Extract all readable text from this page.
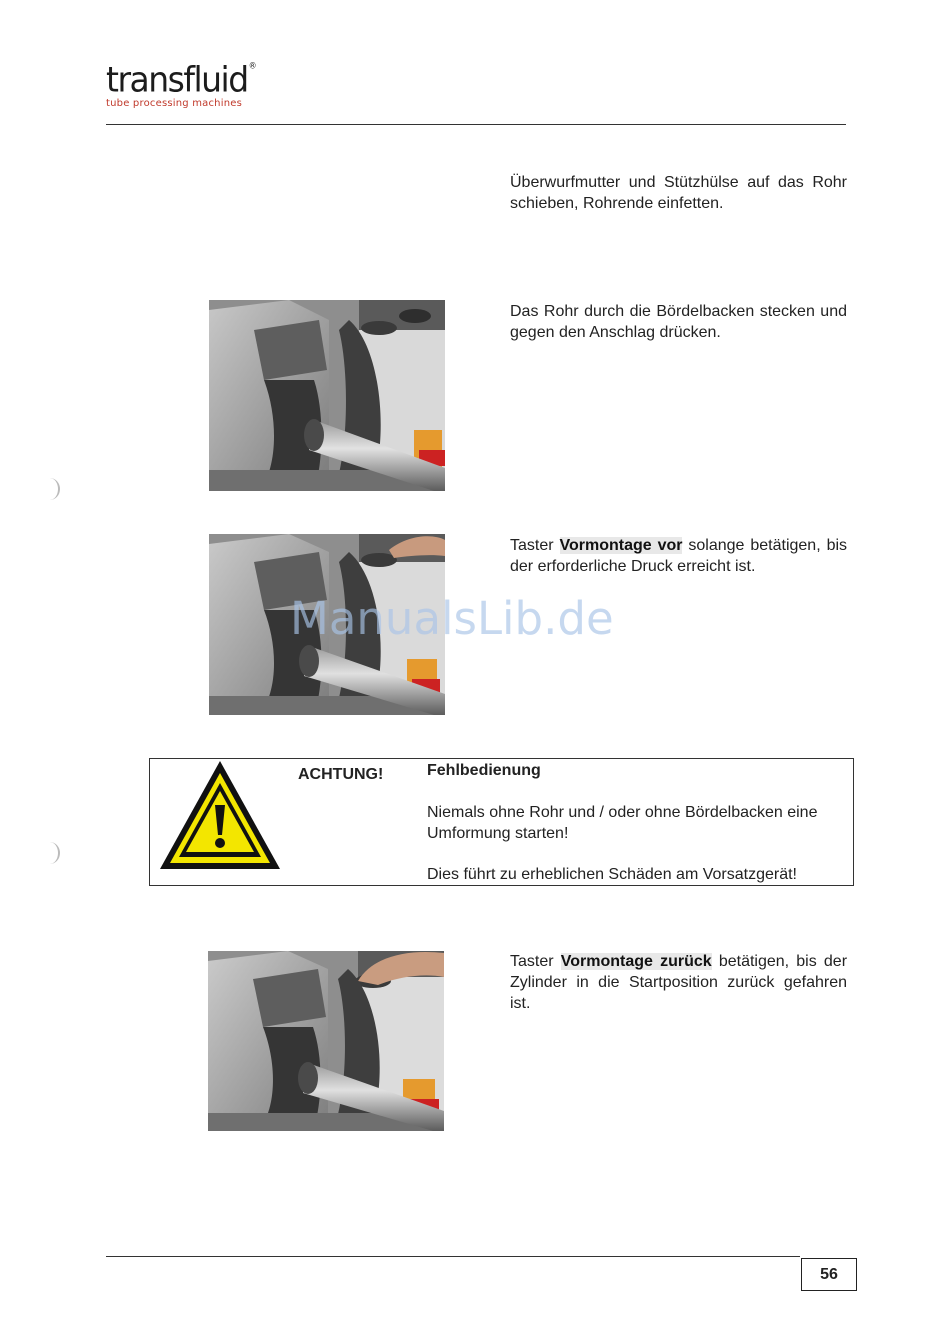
transfluid®
tube processing machines
Überwurfmutter und Stützhülse auf das Rohr schieben, Rohrende einfetten.
Das Rohr durch die Bördelbacken stecken und gegen den Anschlag drücken.
Taster Vormontage vor solange betätigen, bis der erforderliche Druck erreicht ist.
ACHTUNG!	Fehlbedienung
Niemals ohne Rohr und / oder ohne Bördelbacken eine Umformung starten!
Dies führt zu erheblichen Schäden am Vorsatzgerät!
Taster Vormontage zurück betätigen, bis der Zylinder in die Startposition zurück gefahren ist.
ManualsLib.de
56
